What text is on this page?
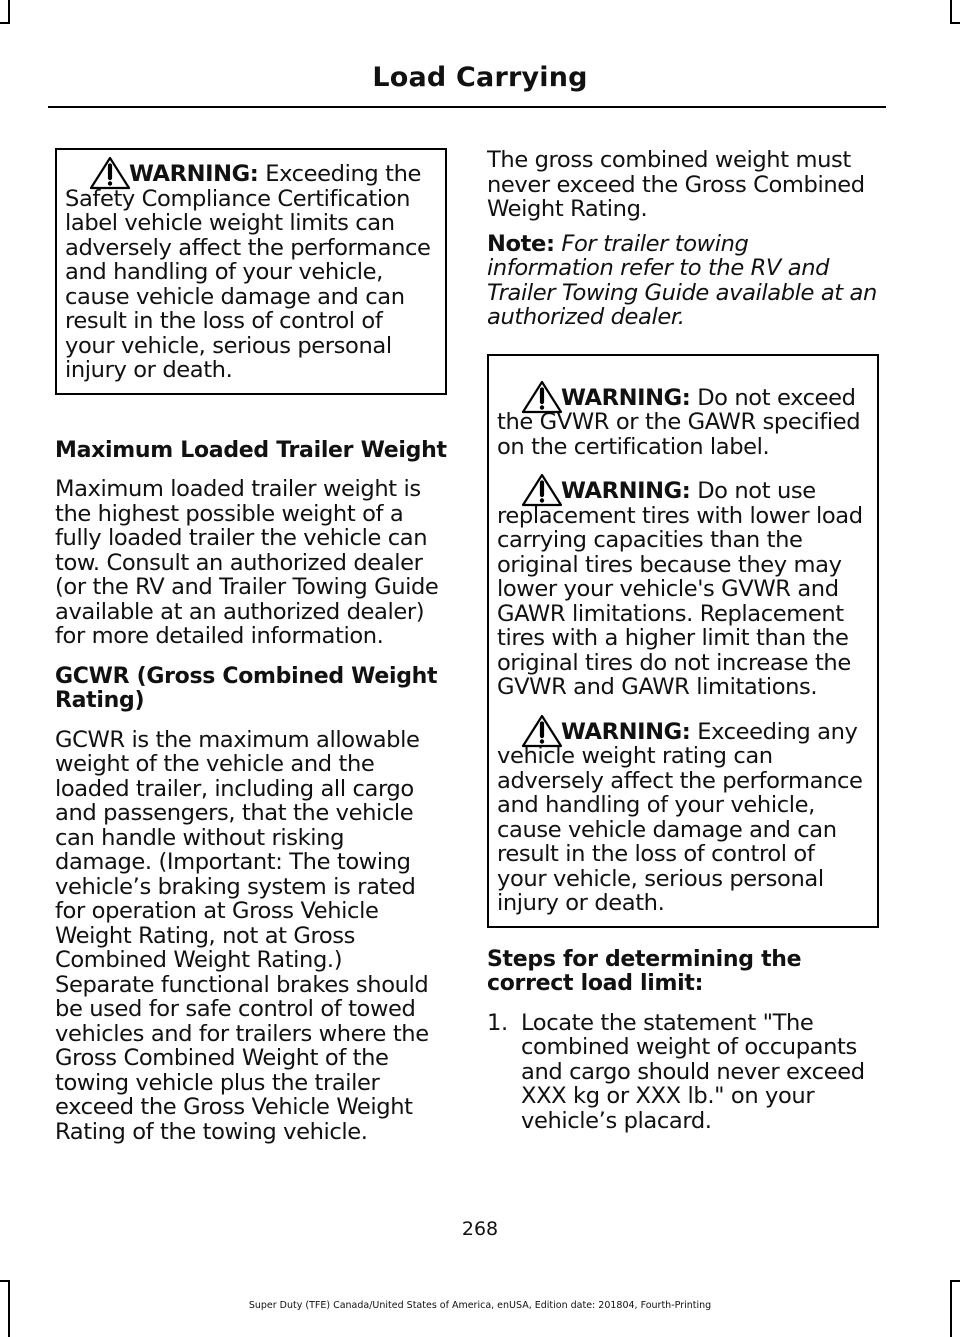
Load Carrying
WARNING: Exceeding the Safety Compliance Certification label vehicle weight limits can adversely affect the performance and handling of your vehicle, cause vehicle damage and can result in the loss of control of your vehicle, serious personal injury or death.
Maximum Loaded Trailer Weight
Maximum loaded trailer weight is the highest possible weight of a fully loaded trailer the vehicle can tow. Consult an authorized dealer (or the RV and Trailer Towing Guide available at an authorized dealer) for more detailed information.
GCWR (Gross Combined Weight Rating)
GCWR is the maximum allowable weight of the vehicle and the loaded trailer, including all cargo and passengers, that the vehicle can handle without risking damage. (Important: The towing vehicle’s braking system is rated for operation at Gross Vehicle Weight Rating, not at Gross Combined Weight Rating.) Separate functional brakes should be used for safe control of towed vehicles and for trailers where the Gross Combined Weight of the towing vehicle plus the trailer exceed the Gross Vehicle Weight Rating of the towing vehicle.
The gross combined weight must never exceed the Gross Combined Weight Rating.
Note: For trailer towing information refer to the RV and Trailer Towing Guide available at an authorized dealer.
WARNING: Do not exceed the GVWR or the GAWR specified on the certification label.
WARNING: Do not use replacement tires with lower load carrying capacities than the original tires because they may lower your vehicle's GVWR and GAWR limitations. Replacement tires with a higher limit than the original tires do not increase the GVWR and GAWR limitations.
WARNING: Exceeding any vehicle weight rating can adversely affect the performance and handling of your vehicle, cause vehicle damage and can result in the loss of control of your vehicle, serious personal injury or death.
Steps for determining the correct load limit:
1. Locate the statement "The combined weight of occupants and cargo should never exceed XXX kg or XXX lb." on your vehicle’s placard.
268
Super Duty (TFE) Canada/United States of America, enUSA, Edition date: 201804, Fourth-Printing
